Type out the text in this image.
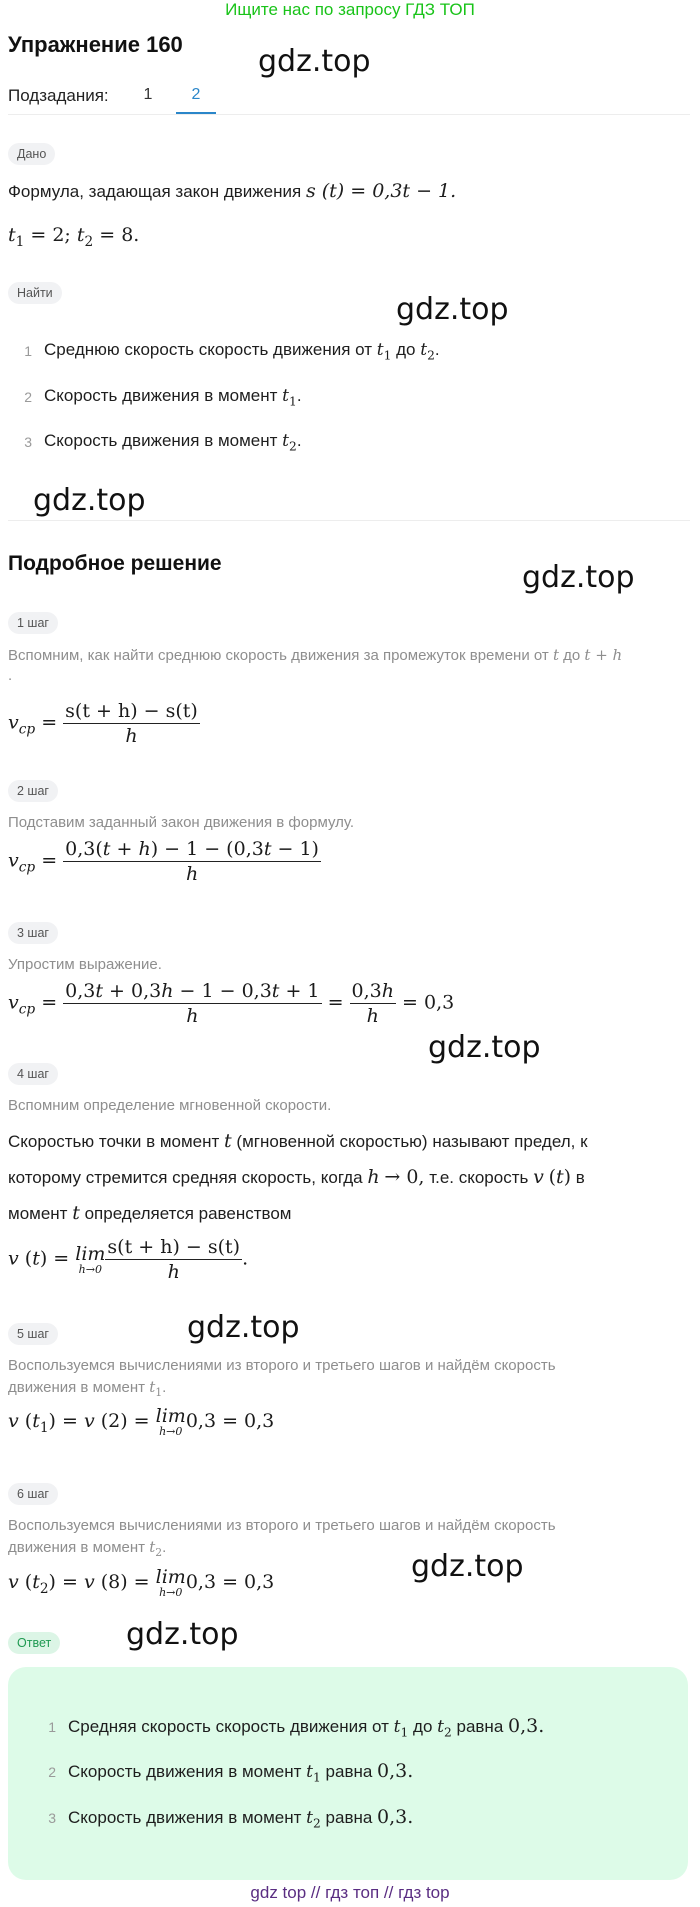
Ищите нас по запросу ГДЗ ТОП
Упражнение 160	gdz.top
Подзадания:	1	2
Дано
Формула, задающая закон движения s (t) = 0,3t − 1.
$t_1 = 2$; $t_2 = 8$.
Найти	gdz.top
1 Среднюю скорость скорость движения от $t_1$ до $t_2$.
2 Скорость движения в момент $t_1$.
3 Скорость движения в момент $t_2$.
gdz.top
Подробное решение	gdz.top
1 шаг
Вспомним, как найти среднюю скорость движения за промежуток времени от t до t + h
.
$v_{cp} = \frac{s(t + h) - s(t)}{h}$
2 шаг
Подставим заданный закон движения в формулу.
$v_{cp} = \frac{0,3(t + h) - 1 - (0,3t - 1)}{h}$
3 шаг
Упростим выражение.
$v_{cp} = \frac{0,3t + 0,3h - 1 - 0,3t + 1}{h} = \frac{0,3h}{h} = 0,3$
gdz.top
4 шаг
Вспомним определение мгновенной скорости.
Скоростью точки в момент t (мгновенной скоростью) называют предел, к
которому стремится средняя скорость, когда h → 0, т.е. скорость v (t) в
момент t определяется равенством
v (t) = lim
$h\to 0 \frac{s(t + h) - s(t)}{h}$ .
5 шаг	gdz.top
Воспользуемся вычислениями из второго и третьего шагов и найдём скорость
движения в момент $t_1$.
v $(t_1) = v$ (2) = lim
h→0 0,3 = 0,3
6 шаг
Воспользуемся вычислениями из второго и третьего шагов и найдём скорость
движения в момент $t_2$.
gdz.top
v $(t_2) = v$ (8) = lim
h→0 0,3 = 0,3
Ответ	gdz.top
1 Средняя скорость скорость движения от $t_1$ до $t_2$ равна 0,3.
2 Скорость движения в момент $t_1$ равна 0,3.
3 Скорость движения в момент $t_2$ равна 0,3.
gdz top // гдз топ // гдз top
